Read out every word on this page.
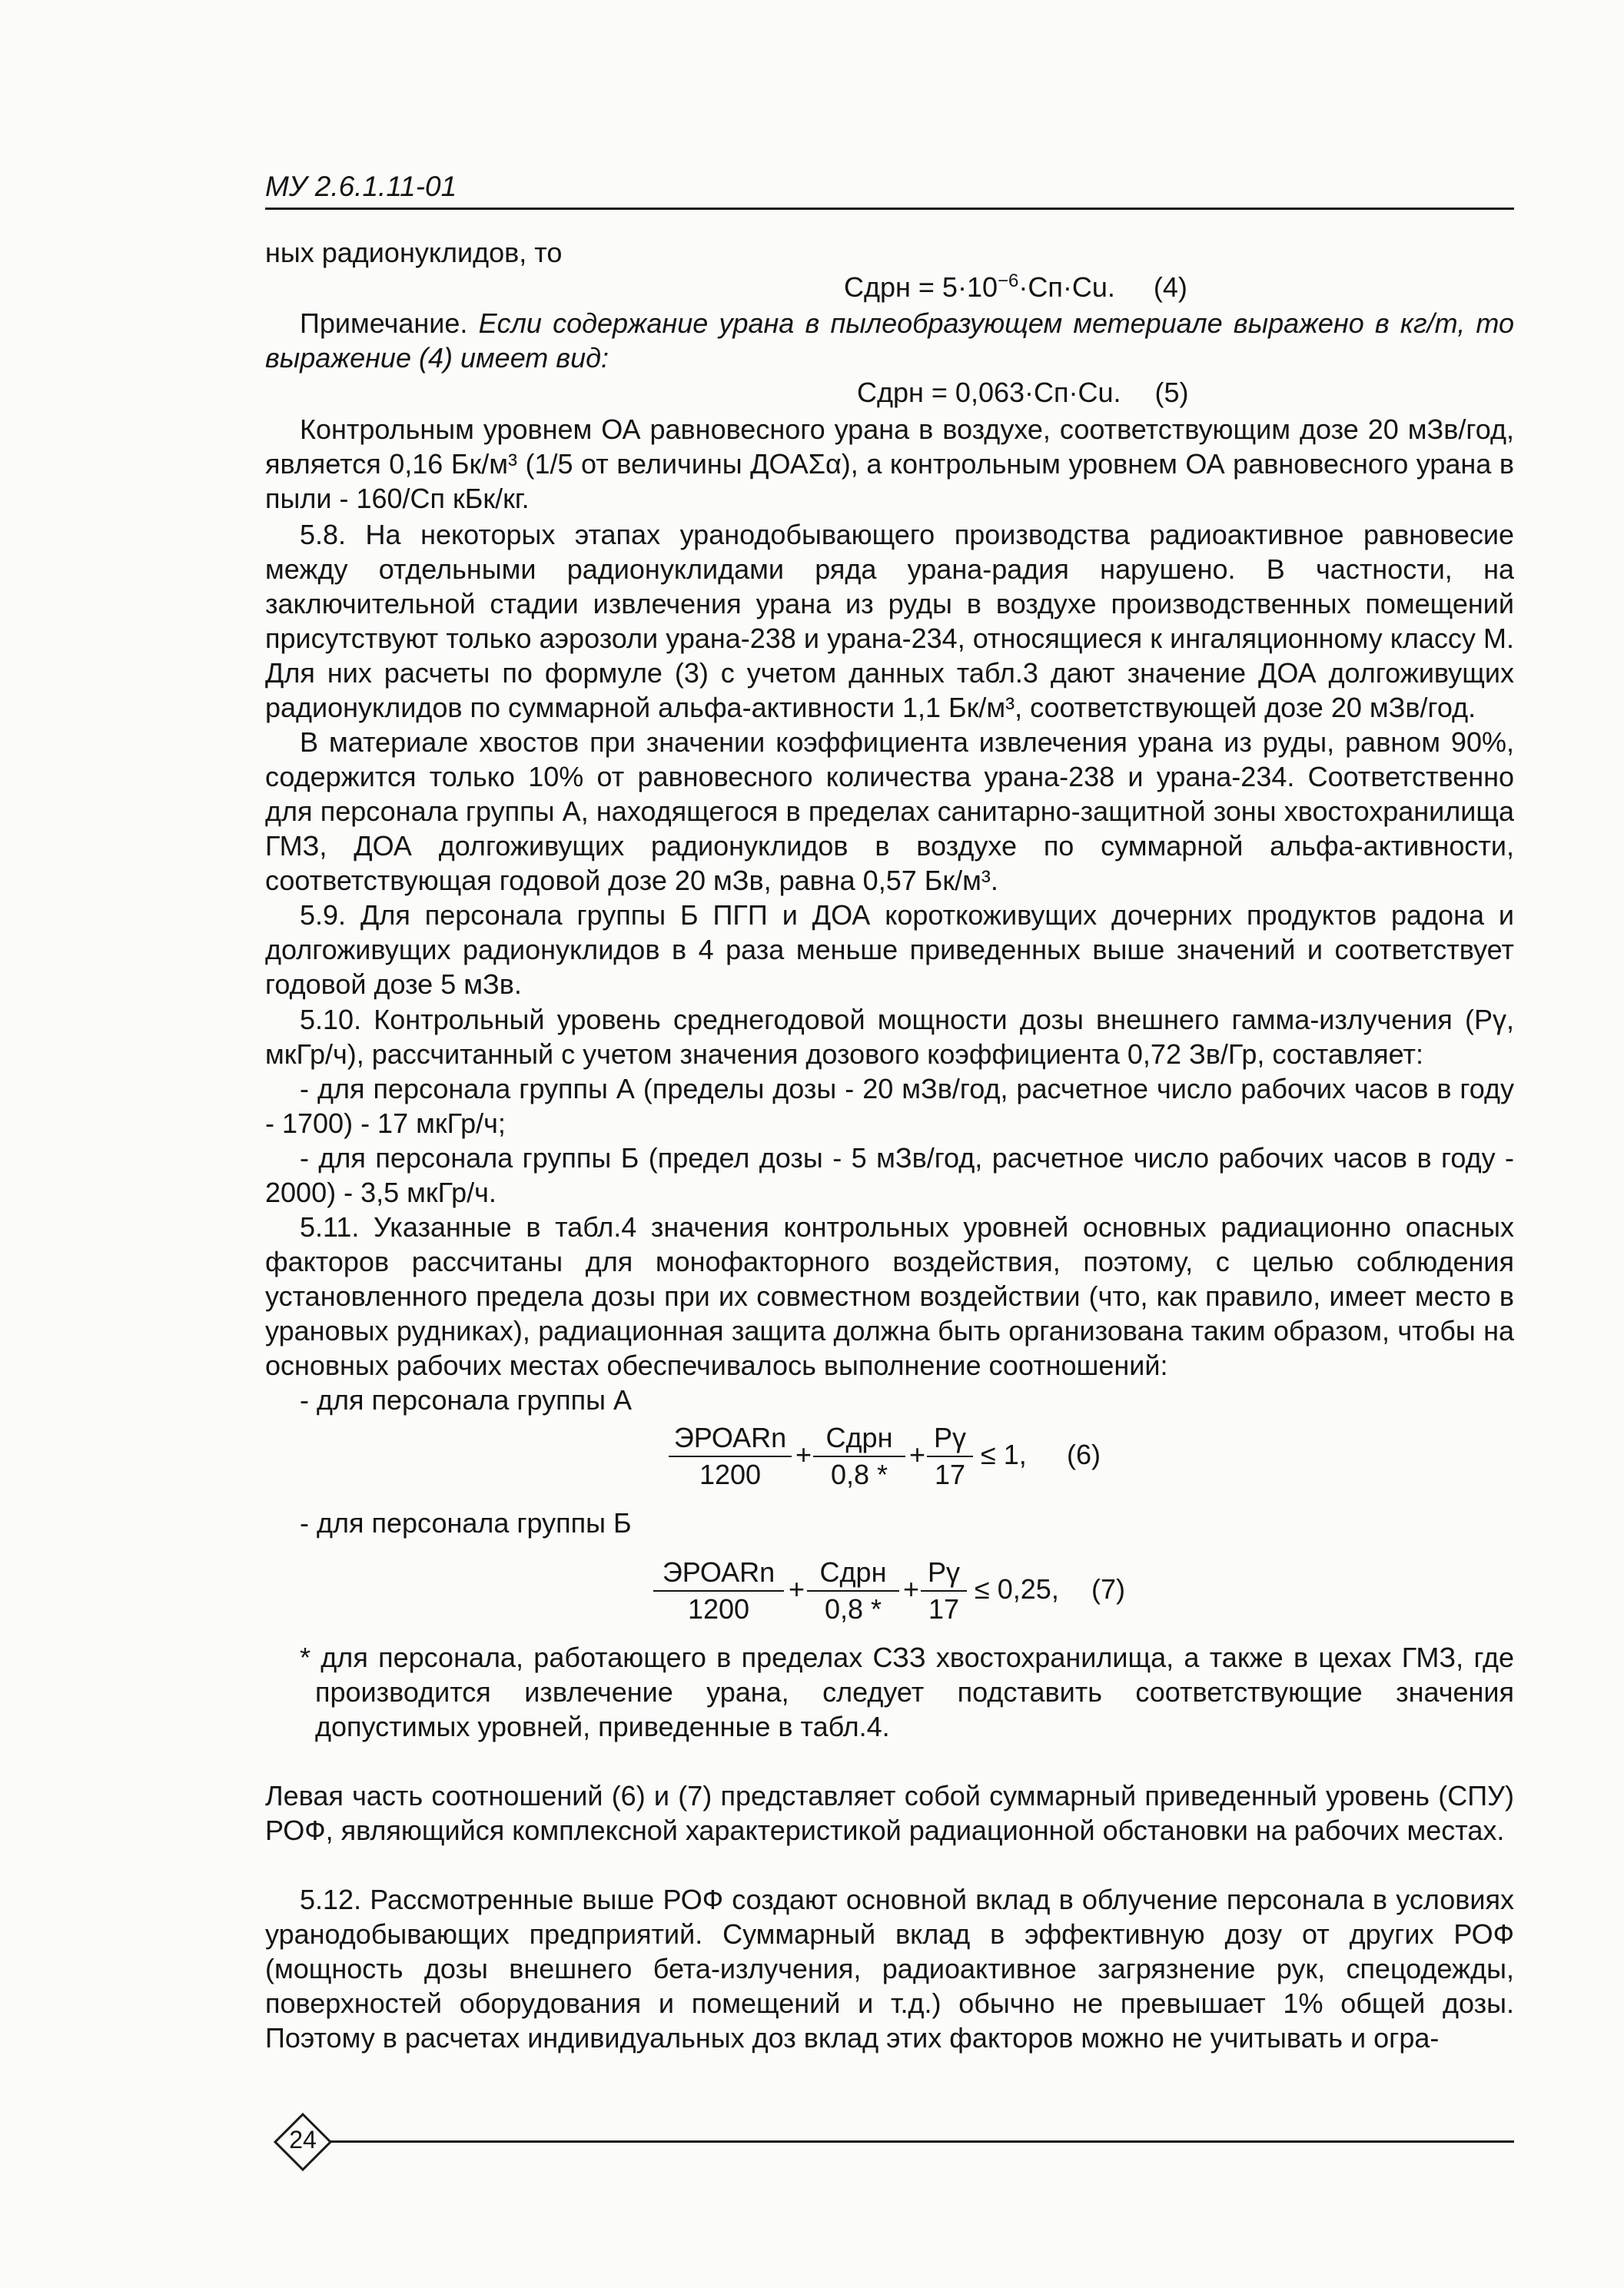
МУ 2.6.1.11-01

ных радионуклидов, то

Сдрн = $5\cdot 10^{-6}\cdot Сп\cdot Сu$. (4)

Примечание. Если содержание урана в пылеобразующем метериале выражено в кг/т, то выражение (4) имеет вид:

Сдрн = 0,063·Сп·Сu. (5)

Контрольным уровнем ОА равновесного урана в воздухе, соответствующим дозе 20 мЗв/год, является 0,16 Бк/м³ (1/5 от величины ДОАΣα), а контрольным уровнем ОА равновесного урана в пыли - 160/Сп кБк/кг.

5.8. На некоторых этапах уранодобывающего производства радиоактивное равновесие между отдельными радионуклидами ряда урана-радия нарушено. В частности, на заключительной стадии извлечения урана из руды в воздухе производственных помещений присутствуют только аэрозоли урана-238 и урана-234, относящиеся к ингаляционному классу М. Для них расчеты по формуле (3) с учетом данных табл.3 дают значение ДОА долгоживущих радионуклидов по суммарной альфа-активности 1,1 Бк/м³, соответствующей дозе 20 мЗв/год.

В материале хвостов при значении коэффициента извлечения урана из руды, равном 90%, содержится только 10% от равновесного количества урана-238 и урана-234. Соответственно для персонала группы А, находящегося в пределах санитарно-защитной зоны хвостохранилища ГМЗ, ДОА долгоживущих радионуклидов в воздухе по суммарной альфа-активности, соответствующая годовой дозе 20 мЗв, равна 0,57 Бк/м³.

5.9. Для персонала группы Б ПГП и ДОА короткоживущих дочерних продуктов радона и долгоживущих радионуклидов в 4 раза меньше приведенных выше значений и соответствует годовой дозе 5 мЗв.

5.10. Контрольный уровень среднегодовой мощности дозы внешнего гамма-излучения (Рγ, мкГр/ч), рассчитанный с учетом значения дозового коэффициента 0,72 Зв/Гр, составляет:

- для персонала группы А (пределы дозы - 20 мЗв/год, расчетное число рабочих часов в году - 1700) - 17 мкГр/ч;

- для персонала группы Б (предел дозы - 5 мЗв/год, расчетное число рабочих часов в году - 2000) - 3,5 мкГр/ч.

5.11. Указанные в табл.4 значения контрольных уровней основных радиационно опасных факторов рассчитаны для монофакторного воздействия, поэтому, с целью соблюдения установленного предела дозы при их совместном воздействии (что, как правило, имеет место в урановых рудниках), радиационная защита должна быть организована таким образом, чтобы на основных рабочих местах обеспечивалось выполнение соотношений:

- для персонала группы А

ЭРОАRn
1200
+
Сдрн
0,8 *
+ $\frac{P\gamma}{17} \le 1$, (6)

- для персонала группы Б

ЭРОАRn
1200
+
Сдрн
0,8 *
+ $\frac{P\gamma}{17} \le 0,25$, (7)

* для персонала, работающего в пределах СЗЗ хвостохранилища, а также в цехах ГМЗ, где производится извлечение урана, следует подставить соответствующие значения допустимых уровней, приведенные в табл.4.

Левая часть соотношений (6) и (7) представляет собой суммарный приведенный уровень (СПУ) РОФ, являющийся комплексной характеристикой радиационной обстановки на рабочих местах.

5.12. Рассмотренные выше РОФ создают основной вклад в облучение персонала в условиях уранодобывающих предприятий. Суммарный вклад в эффективную дозу от других РОФ (мощность дозы внешнего бета-излучения, радиоактивное загрязнение рук, спецодежды, поверхностей оборудования и помещений и т.д.) обычно не превышает 1% общей дозы. Поэтому в расчетах индивидуальных доз вклад этих факторов можно не учитывать и огра-

24
